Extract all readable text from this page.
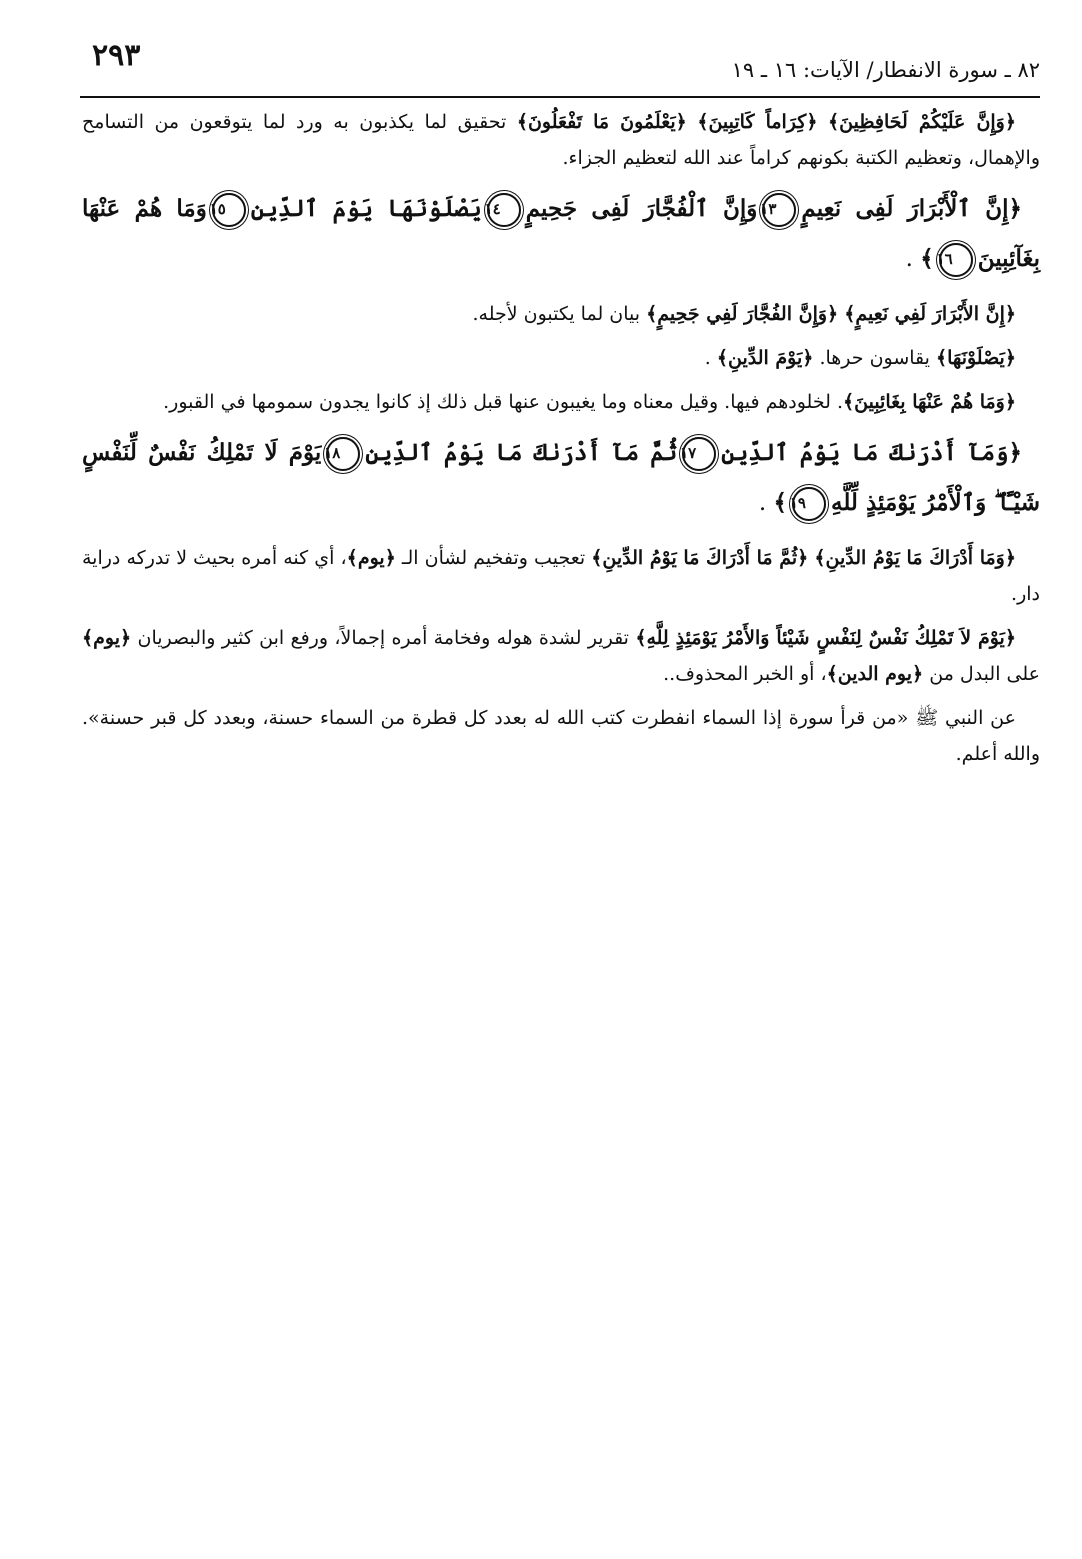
٢٩٣	٨٢ ـ سورة الانفطار/ الآيات: ١٦ ـ ١٩

﴿وَإِنَّ عَلَيْكُمْ لَحَافِظِينَ﴾ ﴿كِرَاماً كَاتِبِينَ﴾ ﴿يَعْلَمُونَ مَا تَفْعَلُونَ﴾ تحقيق لما يكذبون به ورد لما يتوقعون من التسامح والإهمال، وتعظيم الكتبة بكونهم كراماً عند الله لتعظيم الجزاء.

﴿إِنَّ ٱلْأَبْرَارَ لَفِى نَعِيمٍ١٣وَإِنَّ ٱلْفُجَّارَ لَفِى جَحِيمٍ١٤يَصْلَوْنَهَا يَوْمَ ٱلدِّينِ١٥وَمَا هُمْ عَنْهَا بِغَآئِبِينَ١٦﴾ .

﴿إِنَّ الأَبْرَارَ لَفِي نَعِيمٍ﴾ ﴿وَإِنَّ الفُجَّارَ لَفِي جَحِيمٍ﴾ بيان لما يكتبون لأجله.

﴿يَصْلَوْنَهَا﴾ يقاسون حرها. ﴿يَوْمَ الدِّينِ﴾ .

﴿وَمَا هُمْ عَنْهَا بِغَائِبِينَ﴾. لخلودهم فيها. وقيل معناه وما يغيبون عنها قبل ذلك إذ كانوا يجدون سمومها في القبور.

﴿وَمَآ أَدْرَىٰكَ مَا يَوْمُ ٱلدِّينِ١٧ثُمَّ مَآ أَدْرَىٰكَ مَا يَوْمُ ٱلدِّينِ١٨يَوْمَ لَا تَمْلِكُ نَفْسٌ لِّنَفْسٍ شَيْـًٔا ۖ وَٱلْأَمْرُ يَوْمَئِذٍ لِّلَّهِ١٩﴾ .

﴿وَمَا أَدْرَاكَ مَا يَوْمُ الدِّينِ﴾ ﴿ثُمَّ مَا أَدْرَاكَ مَا يَوْمُ الدِّينِ﴾ تعجيب وتفخيم لشأن الـ ﴿يوم﴾، أي كنه أمره بحيث لا تدركه دراية دار.

﴿يَوْمَ لاَ تَمْلِكُ نَفْسٌ لِنَفْسٍ شَيْئاً وَالأَمْرُ يَوْمَئِذٍ لِلَّهِ﴾ تقرير لشدة هوله وفخامة أمره إجمالاً، ورفع ابن كثير والبصريان ﴿يوم﴾ على البدل من ﴿يوم الدين﴾، أو الخبر المحذوف..

عن النبي ﷺ «من قرأ سورة إذا السماء انفطرت كتب الله له بعدد كل قطرة من السماء حسنة، وبعدد كل قبر حسنة». والله أعلم.
